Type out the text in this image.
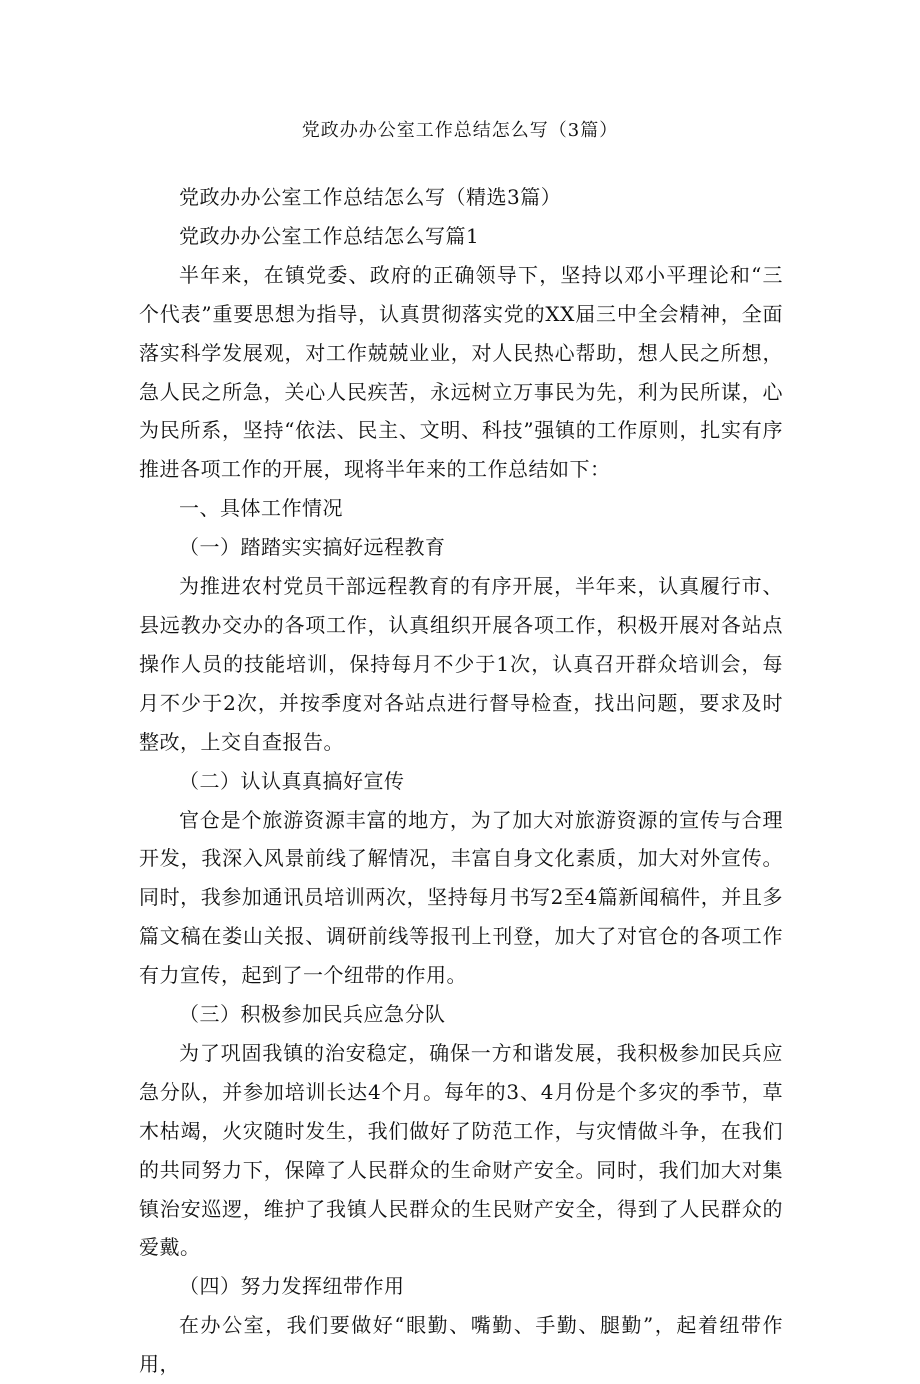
党政办办公室工作总结怎么写（3篇）

党政办办公室工作总结怎么写（精选3篇）

党政办办公室工作总结怎么写篇1

半年来，在镇党委、政府的正确领导下，坚持以邓小平理论和“三个代表”重要思想为指导，认真贯彻落实党的XX届三中全会精神，全面落实科学发展观，对工作兢兢业业，对人民热心帮助，想人民之所想，急人民之所急，关心人民疾苦，永远树立万事民为先，利为民所谋，心为民所系，坚持“依法、民主、文明、科技”强镇的工作原则，扎实有序推进各项工作的开展，现将半年来的工作总结如下：

一、具体工作情况

（一）踏踏实实搞好远程教育

为推进农村党员干部远程教育的有序开展，半年来，认真履行市、县远教办交办的各项工作，认真组织开展各项工作，积极开展对各站点操作人员的技能培训，保持每月不少于1次，认真召开群众培训会，每月不少于2次，并按季度对各站点进行督导检查，找出问题，要求及时整改，上交自查报告。

（二）认认真真搞好宣传

官仓是个旅游资源丰富的地方，为了加大对旅游资源的宣传与合理开发，我深入风景前线了解情况，丰富自身文化素质，加大对外宣传。同时，我参加通讯员培训两次，坚持每月书写2至4篇新闻稿件，并且多篇文稿在娄山关报、调研前线等报刊上刊登，加大了对官仓的各项工作有力宣传，起到了一个纽带的作用。

（三）积极参加民兵应急分队

为了巩固我镇的治安稳定，确保一方和谐发展，我积极参加民兵应急分队，并参加培训长达4个月。每年的3、4月份是个多灾的季节，草木枯竭，火灾随时发生，我们做好了防范工作，与灾情做斗争，在我们的共同努力下，保障了人民群众的生命财产安全。同时，我们加大对集镇治安巡逻，维护了我镇人民群众的生民财产安全，得到了人民群众的爱戴。

（四）努力发挥纽带作用

在办公室，我们要做好“眼勤、嘴勤、手勤、腿勤”，起着纽带作用，
